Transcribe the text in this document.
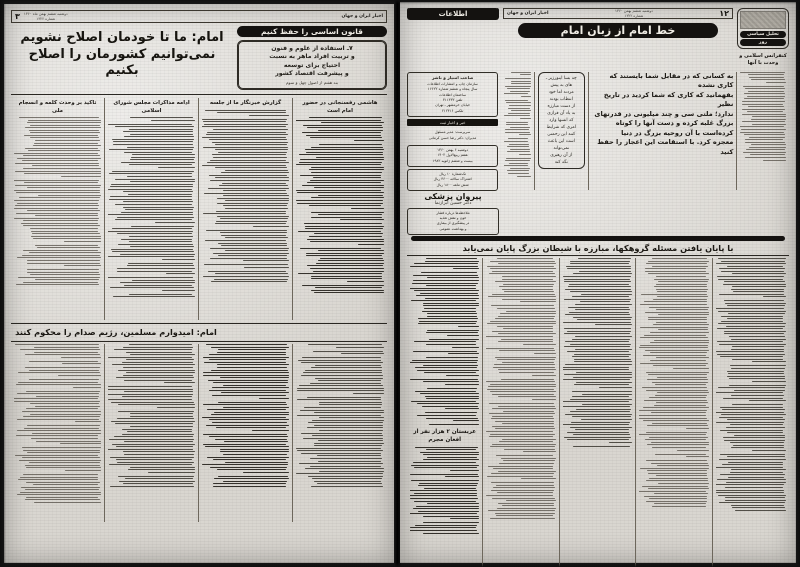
اخبار ایران و جهان
دوشنبه ششم بهمن ماه ۱۳۶۰
شماره ۱۳۲۲
۳
قانون اساسی را حفظ کنیم
۷ـ استفاده از علوم و فنون
و تربیت افراد ماهر به نسبت
احتیاج برای توسعه
و پیشرفت اقتصاد کشور
بند هفتم از اصول چهل و سوم
امام: ما تا خودمان اصلاح نشویم نمی‌توانیم کشورمان را اصلاح بکنیم
هاشمی رفسنجانی در حضور امام است
گزارش خبرنگار ما از جلسه
ادامه مذاکرات مجلس شورای اسلامی
تاکید بر وحدت کلمه و انسجام ملی
امام: امیدوارم مسلمین، رژیم صدام را محکوم کنند
تحلیل سیاسی
روز
کنفرانس اسلامی و وحدت با آنها
۱۲
دوشنبه ششم بهمن ۱۳۶۰
شماره ۱۳۲۲
اخبار ایران و جهان
خط امام از زبان امام
اطلاعات
به کسانی که در مقابل شما بایستند که کاری نشده
بفهمانید که کاری که شما کردید در تاریخ نظیر
ندارد؛ ملتی سی و چند میلیونی در قدرتهای
بزرگ غلبه کرده و دست آنها را کوتاه
کرده‌است با آن روحیه بزرگ در دنیا
معجزه کرد. با استقامت این اعجاز را حفظ کنید
چه بسا اینورزیر ـ
های به پیش
مردند اما خود
انتظاب بودند
از دست مبارزه
به یاد آن فرازی
که انسها وارد
امری که شرایط
کنند این رحمتی
است این باعث
نمی‌تواند
از آن رهبری
نگه کند
صاحب امتیاز و ناشر
سازمان چاپ و انتشارات اطلاعات
سال پنجاه و ششم شماره ۱۶۶۲۲
ساختمان اطلاعات
تلفن ۳۱۱۳۳۳
خیابان خرمشهر ـ تهران
تلکس ۲۱۲۳۱۶
خبر و اخبار ثبت
سرپرست: مدیر مسئول
مدیران: دکتر رضا حسن کرمانی
دوشنبه ۶ بهمن ۱۳۶۰
هفتم ربیع‌الاول ۱۴۰۲
بیست و ششم ژانویه ۱۹۸۲
تک‌شماره ۱۰ ریال
اشتراک سالانه ۳۶۰۰ ریال
شش ماهه ۱۸۰۰ ریال
پیروان پزشکی
دکتر حسین ابرازنما
ملاحظه‌ها درباره فشار
خون و نقش تغذیه
در پیشگیری از بیماری
و بهداشت عمومی
با پایان یافتن مسئله گروهکها، مبارزه با شیطان بزرگ پایان نمی‌یابد
عربستان ۲ هزار نفر از
افغان مجرم
